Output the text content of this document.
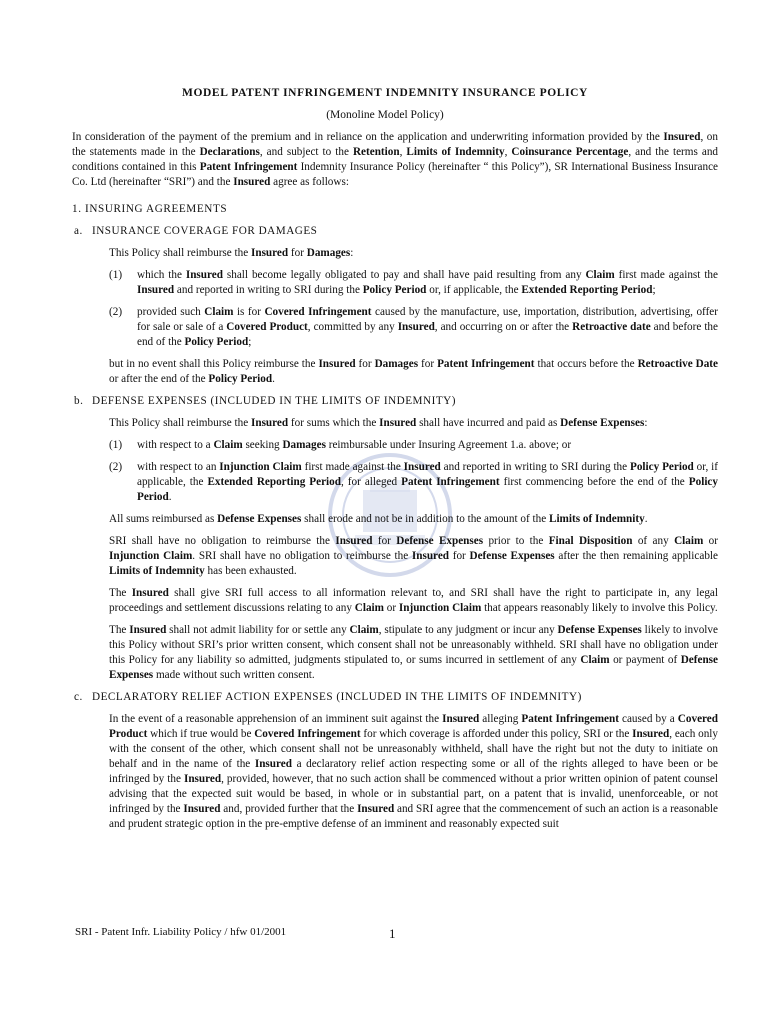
MODEL PATENT INFRINGEMENT INDEMNITY INSURANCE POLICY
(Monoline Model Policy)

In consideration of the payment of the premium and in reliance on the application and underwriting information provided by the Insured, on the statements made in the Declarations, and subject to the Retention, Limits of Indemnity, Coinsurance Percentage, and the terms and conditions contained in this Patent Infringement Indemnity Insurance Policy (hereinafter “ this Policy”), SR International Business Insurance Co. Ltd (hereinafter “SRI”) and the Insured agree as follows:

1. INSURING AGREEMENTS

a. INSURANCE COVERAGE FOR DAMAGES

This Policy shall reimburse the Insured for Damages:

(1) which the Insured shall become legally obligated to pay and shall have paid resulting from any Claim first made against the Insured and reported in writing to SRI during the Policy Period or, if applicable, the Extended Reporting Period;

(2) provided such Claim is for Covered Infringement caused by the manufacture, use, importation, distribution, advertising, offer for sale or sale of a Covered Product, committed by any Insured, and occurring on or after the Retroactive date and before the end of the Policy Period;

but in no event shall this Policy reimburse the Insured for Damages for Patent Infringement that occurs before the Retroactive Date or after the end of the Policy Period.

b. DEFENSE EXPENSES (INCLUDED IN THE LIMITS OF INDEMNITY)

This Policy shall reimburse the Insured for sums which the Insured shall have incurred and paid as Defense Expenses:

(1) with respect to a Claim seeking Damages reimbursable under Insuring Agreement 1.a. above; or

(2) with respect to an Injunction Claim first made against the Insured and reported in writing to SRI during the Policy Period or, if applicable, the Extended Reporting Period, for alleged Patent Infringement first commencing before the end of the Policy Period.

All sums reimbursed as Defense Expenses shall erode and not be in addition to the amount of the Limits of Indemnity.

SRI shall have no obligation to reimburse the Insured for Defense Expenses prior to the Final Disposition of any Claim or Injunction Claim. SRI shall have no obligation to reimburse the Insured for Defense Expenses after the then remaining applicable Limits of Indemnity has been exhausted.

The Insured shall give SRI full access to all information relevant to, and SRI shall have the right to participate in, any legal proceedings and settlement discussions relating to any Claim or Injunction Claim that appears reasonably likely to involve this Policy.

The Insured shall not admit liability for or settle any Claim, stipulate to any judgment or incur any Defense Expenses likely to involve this Policy without SRI’s prior written consent, which consent shall not be unreasonably withheld. SRI shall have no obligation under this Policy for any liability so admitted, judgments stipulated to, or sums incurred in settlement of any Claim or payment of Defense Expenses made without such written consent.

c. DECLARATORY RELIEF ACTION EXPENSES (INCLUDED IN THE LIMITS OF INDEMNITY)

In the event of a reasonable apprehension of an imminent suit against the Insured alleging Patent Infringement caused by a Covered Product which if true would be Covered Infringement for which coverage is afforded under this policy, SRI or the Insured, each only with the consent of the other, which consent shall not be unreasonably withheld, shall have the right but not the duty to initiate on behalf and in the name of the Insured a declaratory relief action respecting some or all of the rights alleged to have been or be infringed by the Insured, provided, however, that no such action shall be commenced without a prior written opinion of patent counsel advising that the expected suit would be based, in whole or in substantial part, on a patent that is invalid, unenforceable, or not infringed by the Insured and, provided further that the Insured and SRI agree that the commencement of such an action is a reasonable and prudent strategic option in the pre-emptive defense of an imminent and reasonably expected suit

SRI - Patent Infr. Liability Policy / hfw 01/2001	1
